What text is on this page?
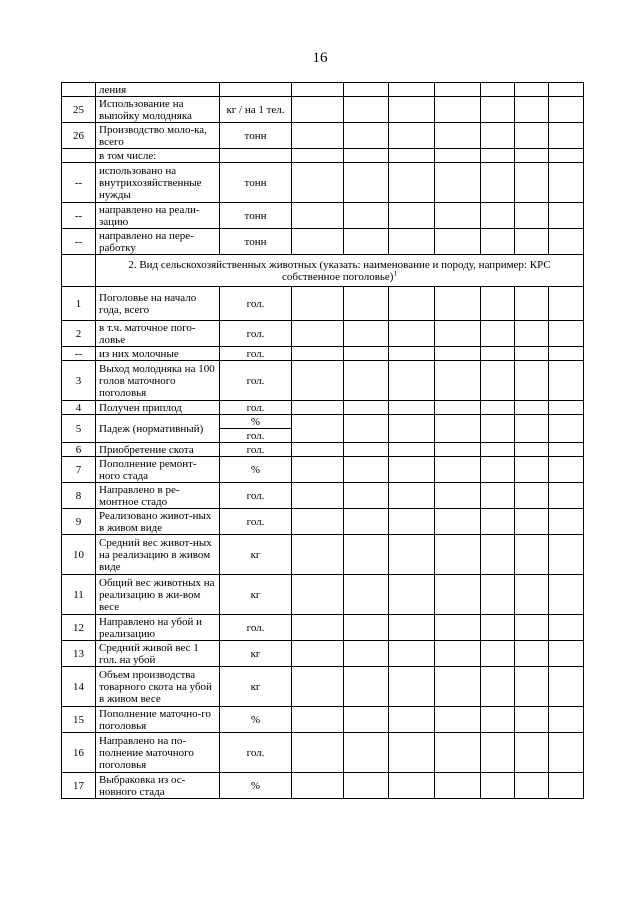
16
	ления								
25	Использование на выпойку молодняка	кг / на 1 тел.							
26	Производство моло-ка, всего	тонн							
	в том числе:								
--	использовано на внутрихозяйственные нужды	тонн							
--	направлено на реали-зацию	тонн							
--	направлено на пере-работку	тонн							
	2. Вид сельскохозяйственных животных (указать: наименование и породу, например: КРС собственное поголовье)$^1$
1	Поголовье на начало года, всего	гол.							
2	в т.ч. маточное пого-ловье	гол.							
--	из них молочные	гол.							
3	Выход молодняка на 100 голов маточного поголовья	гол.							
4	Получен приплод	гол.							
5	Падеж (нормативный)	%							
		гол.							
6	Приобретение скота	гол.							
7	Пополнение ремонт-ного стада	%							
8	Направлено в ре-монтное стадо	гол.							
9	Реализовано живот-ных в живом виде	гол.							
10	Средний вес живот-ных на реализацию в живом виде	кг							
11	Общий вес животных на реализацию в жи-вом весе	кг							
12	Направлено на убой и реализацию	гол.							
13	Средний живой вес 1 гол. на убой	кг							
14	Объем производства товарного скота на убой в живом весе	кг							
15	Пополнение маточно-го поголовья	%							
16	Направлено на по-полнение маточного поголовья	гол.							
17	Выбраковка из ос-новного стада	%							
